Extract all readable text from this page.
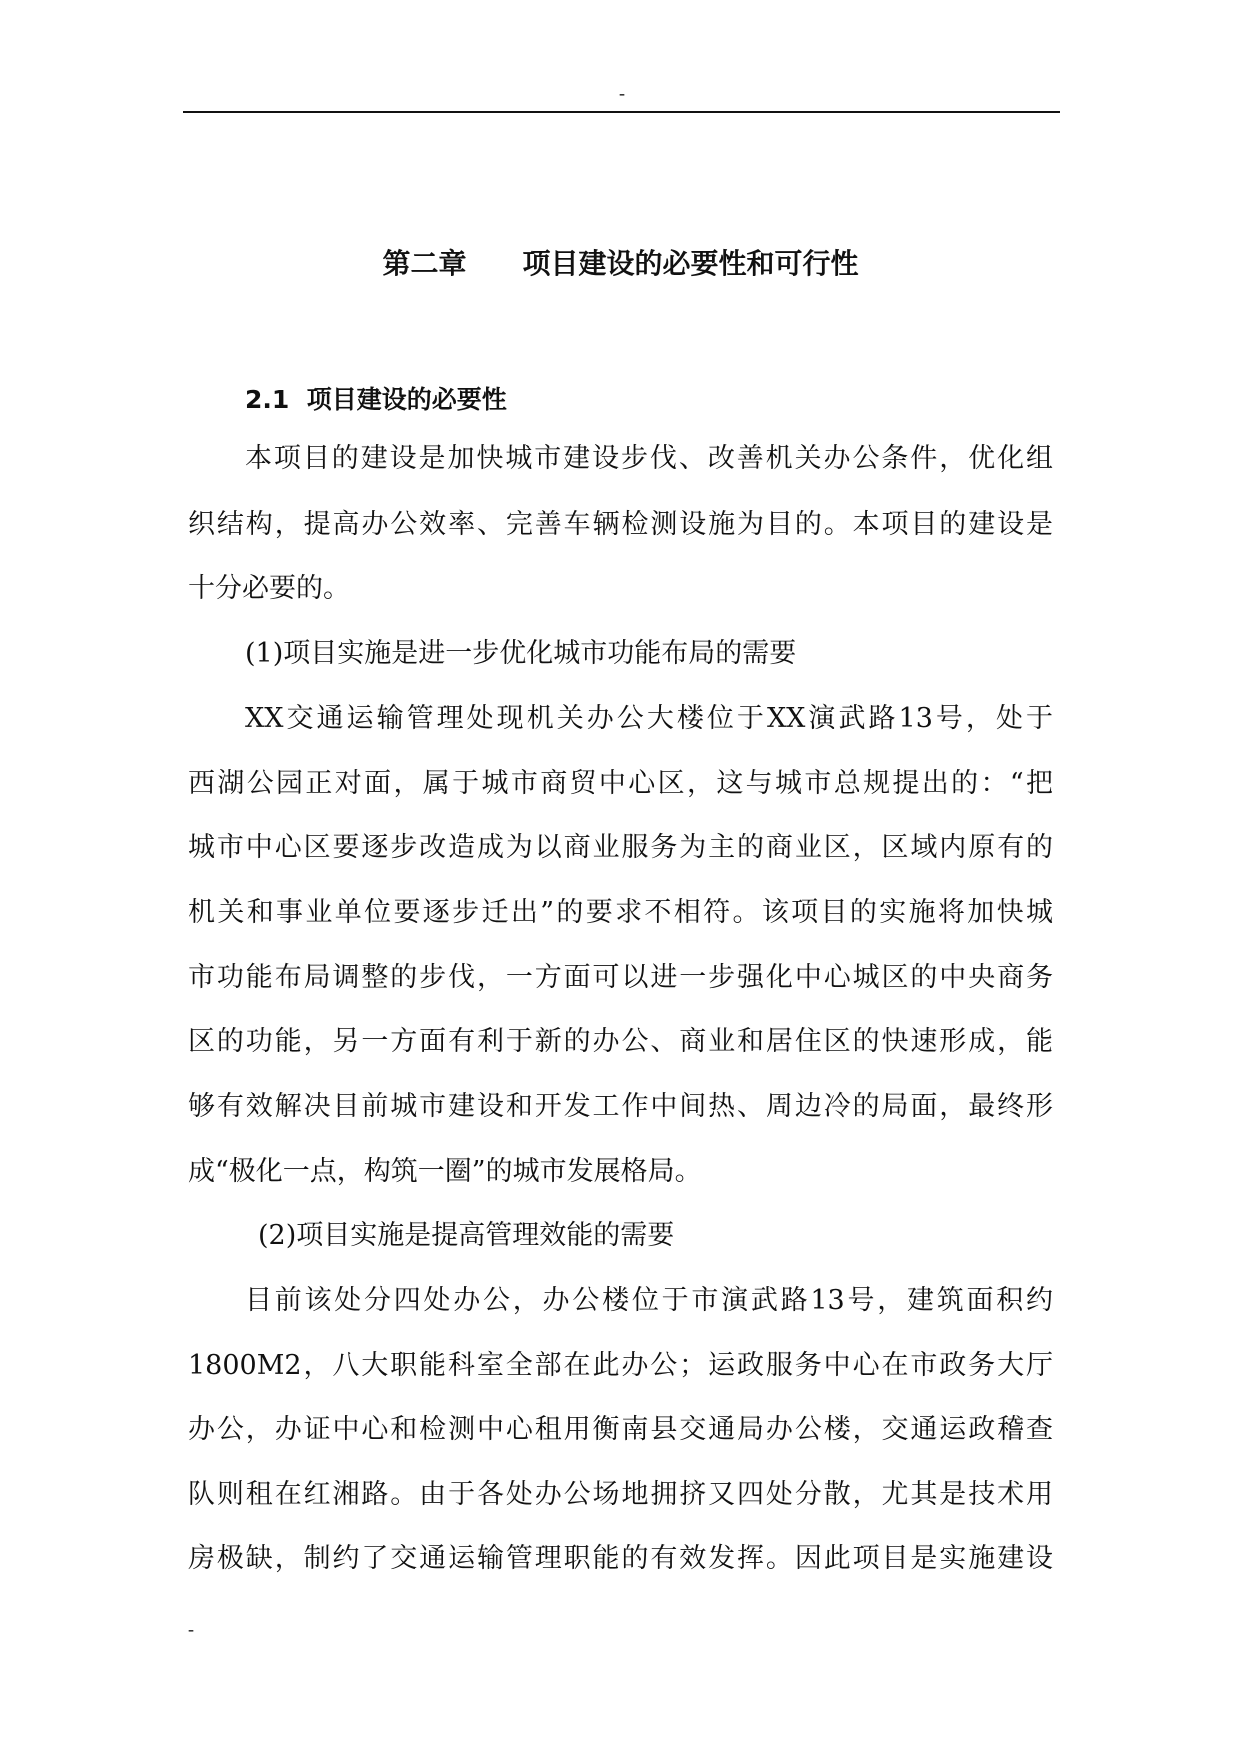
-
第二章　　项目建设的必要性和可行性
2.1  项目建设的必要性
本项目的建设是加快城市建设步伐、改善机关办公条件，优化组
织结构，提高办公效率、完善车辆检测设施为目的。本项目的建设是
十分必要的。
(1)项目实施是进一步优化城市功能布局的需要
XX交通运输管理处现机关办公大楼位于XX演武路13号，处于
西湖公园正对面，属于城市商贸中心区，这与城市总规提出的：“把
城市中心区要逐步改造成为以商业服务为主的商业区，区域内原有的
机关和事业单位要逐步迁出”的要求不相符。该项目的实施将加快城
市功能布局调整的步伐，一方面可以进一步强化中心城区的中央商务
区的功能，另一方面有利于新的办公、商业和居住区的快速形成，能
够有效解决目前城市建设和开发工作中间热、周边冷的局面，最终形
成“极化一点，构筑一圈”的城市发展格局。
(2)项目实施是提高管理效能的需要
目前该处分四处办公，办公楼位于市演武路13号，建筑面积约
1800M2，八大职能科室全部在此办公；运政服务中心在市政务大厅
办公，办证中心和检测中心租用衡南县交通局办公楼，交通运政稽查
队则租在红湘路。由于各处办公场地拥挤又四处分散，尤其是技术用
房极缺，制约了交通运输管理职能的有效发挥。因此项目是实施建设
-
